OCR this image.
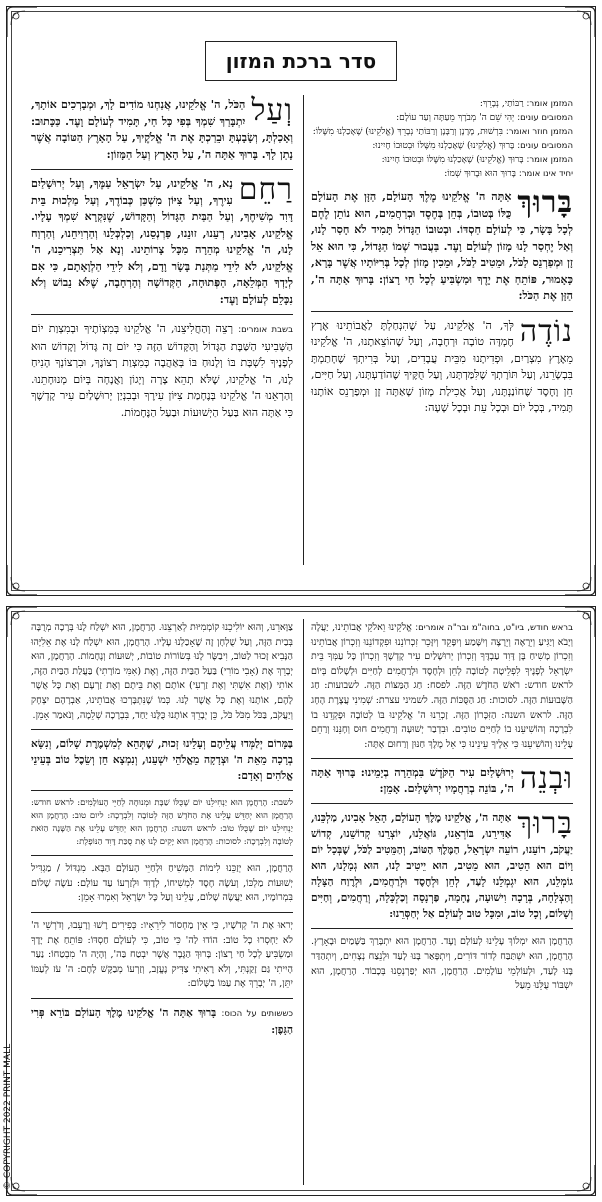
סדר ברכת המזון
המזמן אומר: רַבּוֹתַי, נְבָרֵךְ:
המסובים עונים: יְהִי שֵׁם ה' מְבֹרָךְ מֵעַתָּה וְעַד עוֹלָם:
המזמן חוזר ואומר: בִּרְשׁוּת, מָרָנָן וְרַבָּנָן וְרַבּוֹתַי נְבָרֵךְ (אֱלֹקֵינוּ) שֶׁאָכַלְנוּ מִשֶּׁלּוֹ:
המסובים עונים: בָּרוּךְ (אֱלֹקֵינוּ) שֶׁאָכַלְנוּ מִשֶּׁלּוֹ וּבְטוּבוֹ חָיִינוּ:
המזמן אומר: בָּרוּךְ (אֱלֹקֵינוּ) שֶׁאָכַלְנוּ מִשֶּׁלּוֹ וּבְטוּבוֹ חָיִינוּ:
יחיד אינו אומר: בָּרוּךְ הוּא וּבָרוּךְ שְׁמוֹ:

בָּרוּךְ
אַתָּה ה' אֱלֹקֵינוּ מֶלֶךְ הָעוֹלָם, הַזָּן אֶת הָעוֹלָם כֻּלּוֹ בְּטוּבוֹ, בְּחֵן בְּחֶסֶד וּבְרַחֲמִים, הוּא נוֹתֵן לֶחֶם לְכָל בָּשָׂר, כִּי לְעוֹלָם חַסְדּוֹ. וּבְטוּבוֹ הַגָּדוֹל תָּמִיד לֹא חָסַר לָנוּ, וְאַל יֶחְסַר לָנוּ מָזוֹן לְעוֹלָם וָעֶד. בַּעֲבוּר שְׁמוֹ הַגָּדוֹל, כִּי הוּא אֵל זָן וּמְפַרְנֵס לַכֹּל, וּמֵטִיב לַכֹּל, וּמֵכִין מָזוֹן לְכָל בְּרִיּוֹתָיו אֲשֶׁר בָּרָא, כָּאָמוּר, פּוֹתֵחַ אֶת יָדֶךָ וּמַשְׂבִּיעַ לְכָל חַי רָצוֹן: בָּרוּךְ אַתָּה ה', הַזָּן אֶת הַכֹּל:

נוֹדֶה
לְּךָ, ה' אֱלֹקֵינוּ, עַל שֶׁהִנְחַלְתָּ לַאֲבוֹתֵינוּ אֶרֶץ חֶמְדָּה טוֹבָה וּרְחָבָה, וְעַל שֶׁהוֹצֵאתָנוּ, ה' אֱלֹקֵינוּ מֵאֶרֶץ מִצְרַיִם, וּפְדִיתָנוּ מִבֵּית עֲבָדִים, וְעַל בְּרִיתְךָ שֶׁחָתַמְתָּ בִּבְשָׂרֵנוּ, וְעַל תּוֹרָתְךָ שֶׁלִּמַּדְתָּנוּ, וְעַל חֻקֶּיךָ שֶׁהוֹדַעְתָּנוּ, וְעַל חַיִּים, חֵן וָחֶסֶד שֶׁחוֹנַנְתָּנוּ, וְעַל אֲכִילַת מָזוֹן שָׁאַתָּה זָן וּמְפַרְנֵס אוֹתָנוּ תָּמִיד, בְּכָל יוֹם וּבְכָל עֵת וּבְכָל שָׁעָה:

וְעַל
הַכֹּל, ה' אֱלֹקֵינוּ, אֲנַחְנוּ מוֹדִים לָךְ, וּמְבָרְכִים אוֹתָךְ, יִתְבָּרַךְ שִׁמְךָ בְּפִי כָּל חַי, תָּמִיד לְעוֹלָם וָעֶד. כַּכָּתוּב: וְאָכַלְתָּ, וְשָׂבָעְתָּ וּבֵרַכְתָּ אֶת ה' אֱלֹקֶיךָ, עַל הָאָרֶץ הַטּוֹבָה אֲשֶׁר נָתַן לָךְ. בָּרוּךְ אַתָּה ה', עַל הָאָרֶץ וְעַל הַמָּזוֹן:

רַחֵם
נָא, ה' אֱלֹקֵינוּ, עַל יִשְׂרָאֵל עַמֶּךָ, וְעַל יְרוּשָׁלַיִם עִירֶךָ, וְעַל צִיּוֹן מִשְׁכַּן כְּבוֹדֶךָ, וְעַל מַלְכוּת בֵּית דָּוִד מְשִׁיחֶךָ, וְעַל הַבַּיִת הַגָּדוֹל וְהַקָּדוֹשׁ, שֶׁנִּקְרָא שִׁמְךָ עָלָיו. אֱלֹקֵינוּ, אָבִינוּ, רְעֵנוּ, זוּנֵנוּ, פַּרְנְסֵנוּ, וְכַלְכְּלֵנוּ וְהַרְוִיחֵנוּ, וְהַרְוַח לָנוּ, ה' אֱלֹקֵינוּ מְהֵרָה מִכָּל צָרוֹתֵינוּ. וְנָא אַל תַּצְרִיכֵנוּ, ה' אֱלֹקֵינוּ, לֹא לִידֵי מַתְּנַת בָּשָׂר וָדָם, וְלֹא לִידֵי הַלְוָאָתָם, כִּי אִם לְיָדְךָ הַמְּלֵאָה, הַפְּתוּחָה, הַקְּדוֹשָׁה וְהָרְחָבָה, שֶׁלֹּא נֵבוֹשׁ וְלֹא נִכָּלֵם לְעוֹלָם וָעֶד:

בשבת אומרים: רְצֵה וְהַחֲלִיצֵנוּ, ה' אֱלֹקֵינוּ בְּמִצְוֹתֶיךָ וּבְמִצְוַת יוֹם הַשְּׁבִיעִי הַשַּׁבָּת הַגָּדוֹל וְהַקָּדוֹשׁ הַזֶּה כִּי יוֹם זֶה גָּדוֹל וְקָדוֹשׁ הוּא לְפָנֶיךָ לִשְׁבָּת בּוֹ וְלָנוּחַ בּוֹ בְּאַהֲבָה כְּמִצְוַת רְצוֹנֶךָ, וּבִרְצוֹנְךָ הָנִיחַ לָנוּ, ה' אֱלֹקֵינוּ, שֶׁלֹּא תְהֵא צָרָה וְיָגוֹן וַאֲנָחָה בְּיוֹם מְנוּחָתֵנוּ. וְהַרְאֵנוּ ה' אֱלֹקֵינוּ בְּנֶחָמַת צִיּוֹן עִירֶךָ וּבְבִנְיַן יְרוּשָׁלַיִם עִיר קָדְשֶׁךָ כִּי אַתָּה הוּא בַּעַל הַיְשׁוּעוֹת וּבַעַל הַנֶּחָמוֹת.

בראש חודש, ביו"ט, בחוה"מ ובר"ה אומרים: אֱלֹקֵינוּ וֵאלֹקֵי אֲבוֹתֵינוּ, יַעֲלֶה וְיָבֹא וְיַגִּיעַ וְיֵרָאֶה וְיֵרָצֶה וְיִשָּׁמַע וְיִפָּקֵד וְיִזָּכֵר זִכְרוֹנֵנוּ וּפִקְדוֹנֵנוּ וְזִכְרוֹן אֲבוֹתֵינוּ וְזִכְרוֹן מָשִׁיחַ בֶּן דָּוִד עַבְדֶּךָ וְזִכְרוֹן יְרוּשָׁלַיִם עִיר קָדְשֶׁךָ וְזִכְרוֹן כָּל עַמְּךָ בֵּית יִשְׂרָאֵל לְפָנֶיךָ לִפְלֵיטָה לְטוֹבָה לְחֵן וּלְחֶסֶד וּלְרַחֲמִים לְחַיִּים וּלְשָׁלוֹם בְּיוֹם לראש חודש: רֹאשׁ הַחֹדֶשׁ הַזֶּה. לפסח: חַג הַמַּצּוֹת הַזֶּה. לשבועות: חַג הַשָּׁבוּעוֹת הַזֶּה. לסוכות: חַג הַסֻּכּוֹת הַזֶּה. לשמיני עצרת: שְׁמִינִי עֲצֶרֶת הֶחָג הַזֶּה. לראש השנה: הַזִּכָּרוֹן הַזֶּה. זָכְרֵנוּ ה' אֱלֹקֵינוּ בּוֹ לְטוֹבָה וּפָקְדֵנוּ בוֹ לִבְרָכָה וְהוֹשִׁיעֵנוּ בוֹ לְחַיִּים טוֹבִים. וּבִדְבַר יְשׁוּעָה וְרַחֲמִים חוּס וְחָנֵּנוּ וְרַחֵם עָלֵינוּ וְהוֹשִׁיעֵנוּ כִּי אֵלֶיךָ עֵינֵינוּ כִּי אֵל מֶלֶךְ חַנּוּן וְרַחוּם אָתָּה:

וּבְנֵה
יְרוּשָׁלַיִם עִיר הַקֹּדֶשׁ בִּמְהֵרָה בְיָמֵינוּ: בָּרוּךְ אַתָּה ה', בּוֹנֵה בְרַחֲמָיו יְרוּשָׁלַיִם. אָמֵן:

בָּרוּךְ
אַתָּה ה', אֱלֹקֵינוּ מֶלֶךְ הָעוֹלָם, הָאֵל אָבִינוּ, מַלְכֵּנוּ, אַדִּירֵנוּ, בּוֹרְאֵנוּ, גּוֹאֲלֵנוּ, יוֹצְרֵנוּ קְדוֹשֵׁנוּ, קְדוֹשׁ יַעֲקֹב, רוֹעֵנוּ, רוֹעֵה יִשְׂרָאֵל, הַמֶּלֶךְ הַטּוֹב, וְהַמֵּטִיב לַכֹּל, שֶׁבְּכָל יוֹם וָיוֹם הוּא הֵטִיב, הוּא מֵטִיב, הוּא יֵיטִיב לָנוּ, הוּא גְמָלָנוּ, הוּא גוֹמְלֵנוּ, הוּא יִגְמְלֵנוּ לָעַד, לְחֵן וּלְחֶסֶד וּלְרַחֲמִים, וּלְרֶוַח הַצָּלָה וְהַצְלָחָה, בְּרָכָה וִישׁוּעָה, נֶחָמָה, פַּרְנָסָה וְכַלְכָּלָה, וְרַחֲמִים, וְחַיִּים וְשָׁלוֹם, וְכָל טוֹב, וּמִכָּל טוּב לְעוֹלָם אַל יְחַסְּרֵנוּ:

הָרַחֲמָן הוּא יִמְלוֹךְ עָלֵינוּ לְעוֹלָם וָעֶד. הָרַחֲמָן הוּא יִתְבָּרַךְ בַּשָּׁמַיִם וּבָאָרֶץ. הָרַחֲמָן, הוּא יִשְׁתַּבַּח לְדוֹר דּוֹרִים, וְיִתְפָּאַר בָּנוּ לָעַד וּלְנֵצַח נְצָחִים, וְיִתְהַדַּר בָּנוּ לָעַד, וּלְעוֹלְמֵי עוֹלָמִים. הָרַחֲמָן, הוּא יְפַרְנְסֵנוּ בְּכָבוֹד. הָרַחֲמָן, הוּא יִשְׁבּוֹר עֻלֵּנוּ מֵעַל

צַוָּארֵנוּ, וְהוּא יוֹלִיכֵנוּ קוֹמְמִיּוּת לְאַרְצֵנוּ. הָרַחֲמָן, הוּא יִשְׁלַח לָנוּ בְּרָכָה מְרֻבָּה בְּבַיִת הַזֶּה, וְעַל שֻׁלְחָן זֶה שֶׁאָכַלְנוּ עָלָיו. הָרַחֲמָן, הוּא יִשְׁלַח לָנוּ אֶת אֵלִיָּהוּ הַנָּבִיא זָכוּר לַטּוֹב, וִיבַשֶּׂר לָנוּ בְּשׂוֹרוֹת טוֹבוֹת, יְשׁוּעוֹת וְנֶחָמוֹת. הָרַחֲמָן, הוּא יְבָרֵךְ אֶת (אָבִי מוֹרִי) בַּעַל הַבַּיִת הַזֶּה, וְאֶת (אִמִּי מוֹרָתִי) בַּעֲלַת הַבַּיִת הַזֶּה, אוֹתִי (וְאֶת אִשְׁתִּי וְאֶת זַרְעִי) אוֹתָם וְאֶת בֵּיתָם וְאֶת זַרְעָם וְאֶת כָּל אֲשֶׁר לָהֶם, אוֹתָנוּ וְאֶת כָּל אֲשֶׁר לָנוּ. כְּמוֹ שֶׁנִּתְבָּרְכוּ אֲבוֹתֵינוּ, אַבְרָהָם יִצְחָק וְיַעֲקֹב, בַּכֹּל מִכֹּל כֹּל, כֵּן יְבָרֵךְ אוֹתָנוּ כֻּלָּנוּ יַחַד, בִּבְרָכָה שְׁלֵמָה, וְנֹאמַר אָמֵן.

בַּמָּרוֹם יְלַמְּדוּ עֲלֵיהֶם וְעָלֵינוּ זְכוּת, שֶׁתְּהֵא לְמִשְׁמֶרֶת שָׁלוֹם, וְנִשָּׂא בְרָכָה מֵאֵת ה' וּצְדָקָה מֵאֱלֹהֵי יִשְׁעֵנוּ, וְנִמְצָא חֵן וְשֵׂכֶל טוֹב בְּעֵינֵי אֱלֹהִים וְאָדָם:

לשבת: הָרַחֲמָן הוּא יַנְחִילֵנוּ יוֹם שֶׁכֻּלּוֹ שַׁבָּת וּמְנוּחָה לְחַיֵּי הָעוֹלָמִים: לראש חודש: הָרַחֲמָן הוּא יְחַדֵּשׁ עָלֵינוּ אֶת הַחֹדֶשׁ הַזֶּה לְטוֹבָה וְלִבְרָכָה: ליום טוב: הָרַחֲמָן הוּא יַנְחִילֵנוּ יוֹם שֶׁכֻּלּוֹ טוֹב: לראש השנה: הָרַחֲמָן הוּא יְחַדֵּשׁ עָלֵינוּ אֶת הַשָּׁנָה הַזֹּאת לְטוֹבָה וְלִבְרָכָה: לסוכות: הָרַחֲמָן הוּא יָקִים לָנוּ אֶת סֻכַּת דָּוִד הַנּוֹפָלֶת:

הָרַחֲמָן, הוּא יְזַכֵּנוּ לִימוֹת הַמָּשִׁיחַ וּלְחַיֵּי הָעוֹלָם הַבָּא. מִגְדּוֹל / מַגְדִּיל יְשׁוּעוֹת מַלְכּוֹ, וְעֹשֶׂה חֶסֶד לִמְשִׁיחוֹ, לְדָוִד וּלְזַרְעוֹ עַד עוֹלָם: עֹשֶׂה שָׁלוֹם בִּמְרוֹמָיו, הוּא יַעֲשֶׂה שָׁלוֹם, עָלֵינוּ וְעַל כָּל יִשְׂרָאֵל וְאִמְרוּ אָמֵן:

יְראוּ אֶת ה' קְדֹשָׁיו, כִּי אֵין מַחְסוֹר לִירֵאָיו: כְּפִירִים רָשׁוּ וְרָעֵבוּ, וְדֹרְשֵׁי ה' לֹא יַחְסְרוּ כָל טוֹב: הוֹדוּ לַה' כִּי טוֹב, כִּי לְעוֹלָם חַסְדּוֹ: פּוֹתֵחַ אֶת יָדֶךָ וּמַשְׂבִּיעַ לְכָל חַי רָצוֹן: בָּרוּךְ הַגֶּבֶר אֲשֶׁר יִבְטַח בַּה', וְהָיָה ה' מִבְטַחוֹ: נַעַר הָיִיתִי גַּם זָקַנְתִּי, וְלֹא רָאִיתִי צַדִּיק נֶעֱזָב, וְזַרְעוֹ מְבַקֶּשׁ לָחֶם: ה' עֹז לְעַמּוֹ יִתֵּן, ה' יְבָרֵךְ אֶת עַמּוֹ בַשָּׁלוֹם:

כששותים על הכוס: בָּרוּךְ אַתָּה ה' אֱלֹקֵינוּ מֶלֶךְ הָעוֹלָם בּוֹרֵא פְּרִי הַגָּפֶן:

© COPYRIGHT 2022 PRINT MALL
